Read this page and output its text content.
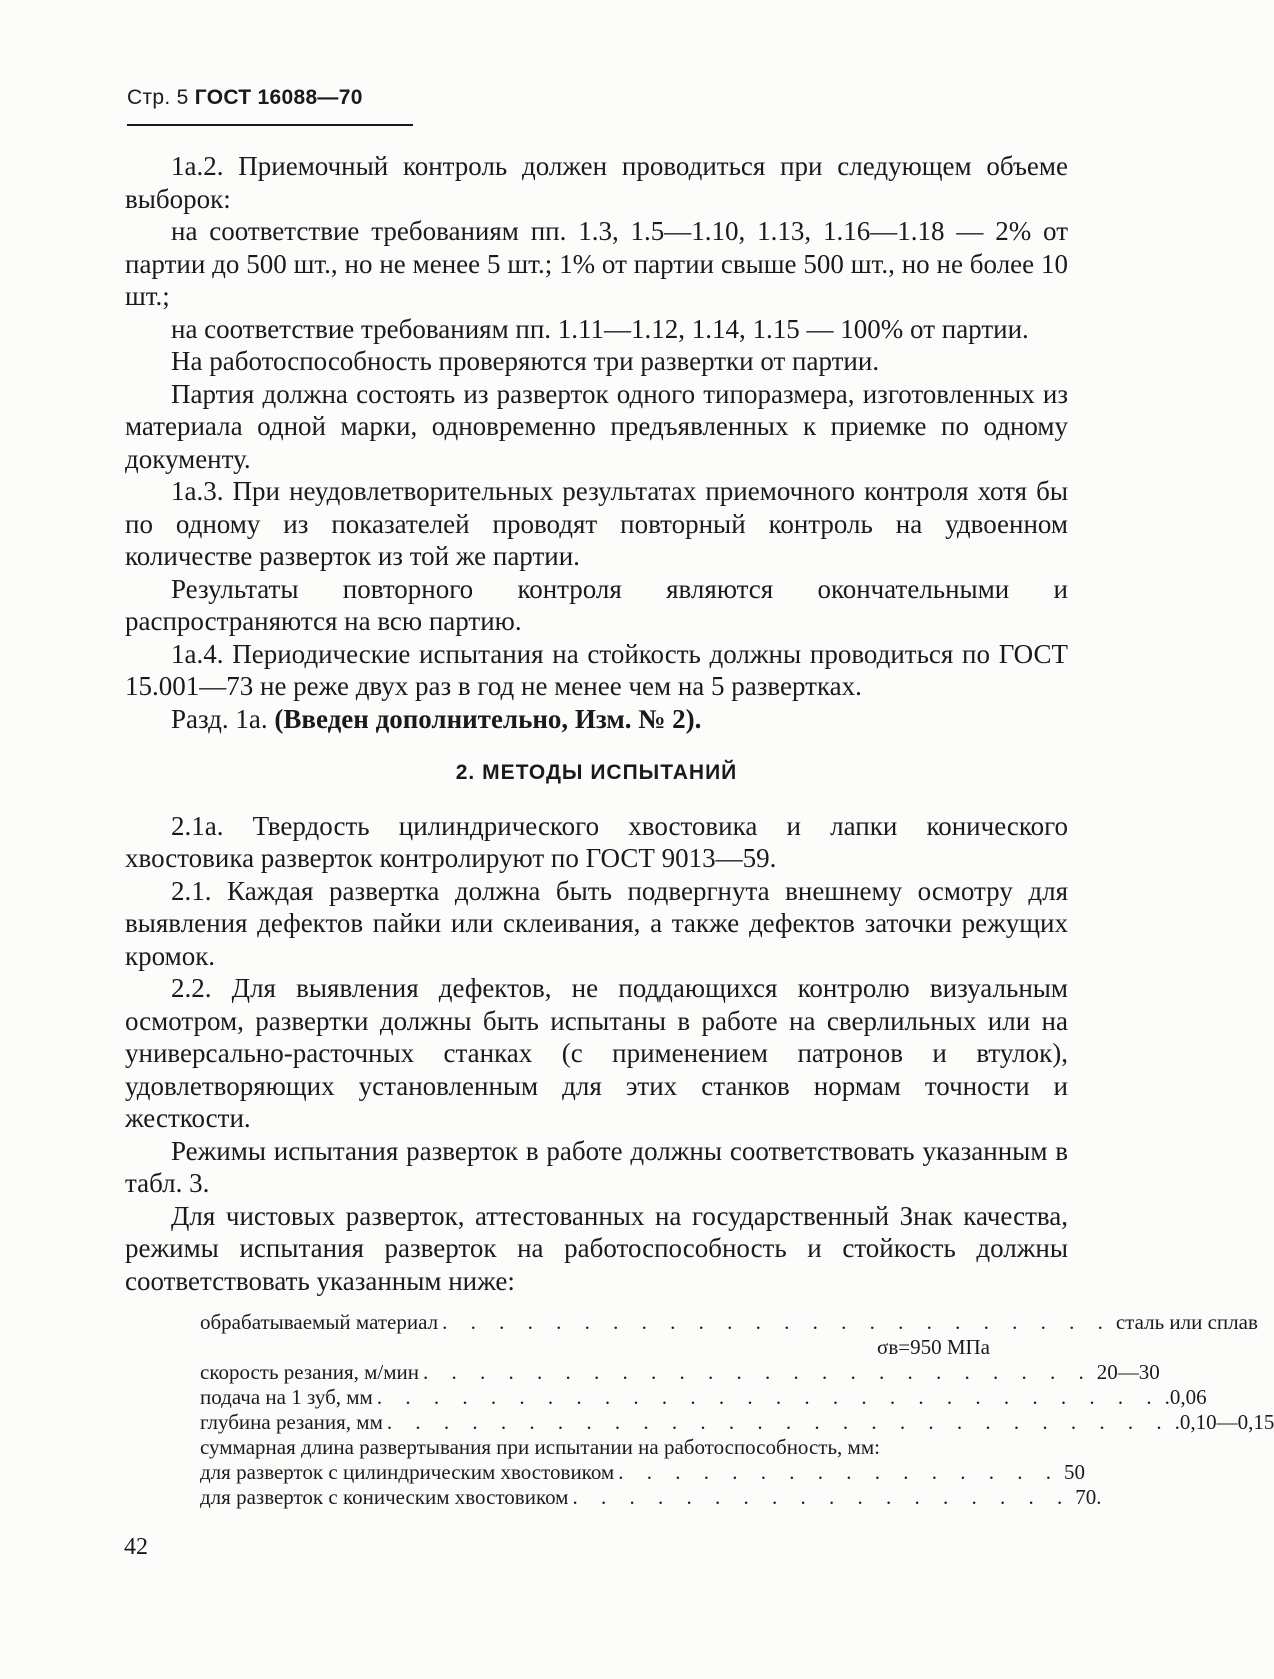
Стр. 5 ГОСТ 16088—70

1а.2. Приемочный контроль должен проводиться при следующем объеме выборок:

на соответствие требованиям пп. 1.3, 1.5—1.10, 1.13, 1.16—1.18 — 2% от партии до 500 шт., но не менее 5 шт.; 1% от партии свыше 500 шт., но не более 10 шт.;

на соответствие требованиям пп. 1.11—1.12, 1.14, 1.15 — 100% от партии.

На работоспособность проверяются три развертки от партии.

Партия должна состоять из разверток одного типоразмера, изготовленных из материала одной марки, одновременно предъявленных к приемке по одному документу.

1а.3. При неудовлетворительных результатах приемочного контроля хотя бы по одному из показателей проводят повторный контроль на удвоенном количестве разверток из той же партии.

Результаты повторного контроля являются окончательными и распространяются на всю партию.

1а.4. Периодические испытания на стойкость должны проводиться по ГОСТ 15.001—73 не реже двух раз в год не менее чем на 5 развертках.

Разд. 1а. (Введен дополнительно, Изм. № 2).

2. МЕТОДЫ ИСПЫТАНИЙ

2.1а. Твердость цилиндрического хвостовика и лапки конического хвостовика разверток контролируют по ГОСТ 9013—59.

2.1. Каждая развертка должна быть подвергнута внешнему осмотру для выявления дефектов пайки или склеивания, а также дефектов заточки режущих кромок.

2.2. Для выявления дефектов, не поддающихся контролю визуальным осмотром, развертки должны быть испытаны в работе на сверлильных или на универсально-расточных станках (с применением патронов и втулок), удовлетворяющих установленным для этих станков нормам точности и жесткости.

Режимы испытания разверток в работе должны соответствовать указанным в табл. 3.

Для чистовых разверток, аттестованных на государственный Знак качества, режимы испытания разверток на работоспособность и стойкость должны соответствовать указанным ниже:

обрабатываемый материал . . . . . . . . . . . . . . . . . . . . . . . . сталь или сплав
σв=950 МПа
скорость резания, м/мин . . . . . . . . . . . . . . . . . . . . . . . . 20—30
подача на 1 зуб, мм . . . . . . . . . . . . . . . . . . . . . . . . . . . . .0,06
глубина резания, мм . . . . . . . . . . . . . . . . . . . . . . . . . . . . .0,10—0,15
суммарная длина развертывания при испытании на работоспособность, мм:
для разверток с цилиндрическим хвостовиком . . . . . . . . . . . . . . . . 50
для разверток с коническим хвостовиком . . . . . . . . . . . . . . . . . . 70.
42
